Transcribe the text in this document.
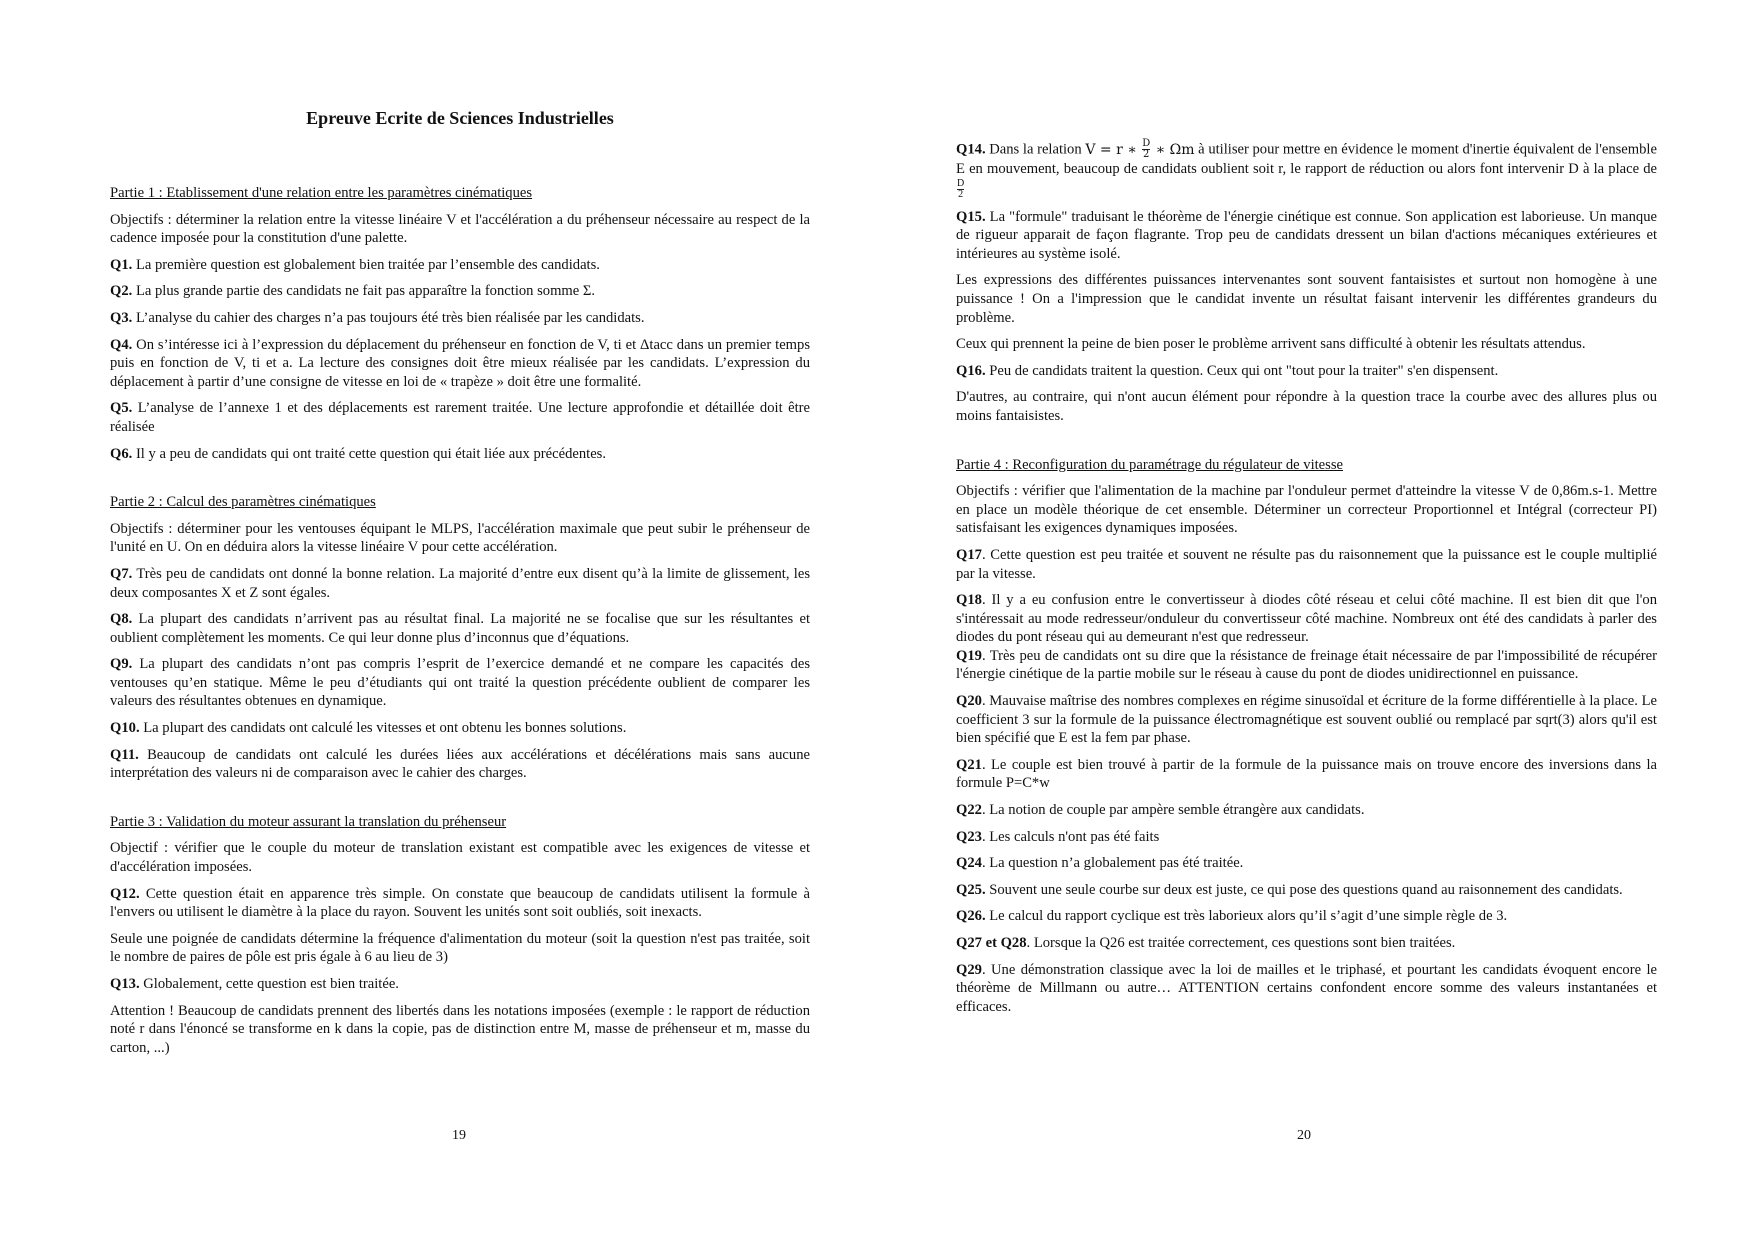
Epreuve Ecrite de Sciences Industrielles

Partie 1 : Etablissement d'une relation entre les paramètres cinématiques

Objectifs : déterminer la relation entre la vitesse linéaire V et l'accélération a du préhenseur nécessaire au respect de la cadence imposée pour la constitution d'une palette.

Q1. La première question est globalement bien traitée par l’ensemble des candidats.

Q2. La plus grande partie des candidats ne fait pas apparaître la fonction somme Σ.

Q3. L’analyse du cahier des charges n’a pas toujours été très bien réalisée par les candidats.

Q4. On s’intéresse ici à l’expression du déplacement du préhenseur en fonction de V, ti et Δtacc dans un premier temps puis en fonction de V, ti et a. La lecture des consignes doit être mieux réalisée par les candidats. L’expression du déplacement à partir d’une consigne de vitesse en loi de « trapèze » doit être une formalité.

Q5. L’analyse de l’annexe 1 et des déplacements est rarement traitée. Une lecture approfondie et détaillée doit être réalisée

Q6. Il y a peu de candidats qui ont traité cette question qui était liée aux précédentes.

Partie 2 : Calcul des paramètres cinématiques

Objectifs : déterminer pour les ventouses équipant le MLPS, l'accélération maximale que peut subir le préhenseur de l'unité en U. On en déduira alors la vitesse linéaire V pour cette accélération.

Q7. Très peu de candidats ont donné la bonne relation. La majorité d’entre eux disent qu’à la limite de glissement, les deux composantes X et Z sont égales.

Q8. La plupart des candidats n’arrivent pas au résultat final. La majorité ne se focalise que sur les résultantes et oublient complètement les moments. Ce qui leur donne plus d’inconnus que d’équations.

Q9. La plupart des candidats n’ont pas compris l’esprit de l’exercice demandé et ne compare les capacités des ventouses qu’en statique. Même le peu d’étudiants qui ont traité la question précédente oublient de comparer les valeurs des résultantes obtenues en dynamique.

Q10. La plupart des candidats ont calculé les vitesses et ont obtenu les bonnes solutions.

Q11. Beaucoup de candidats ont calculé les durées liées aux accélérations et décélérations mais sans aucune interprétation des valeurs ni de comparaison avec le cahier des charges.

Partie 3 : Validation du moteur assurant la translation du préhenseur

Objectif : vérifier que le couple du moteur de translation existant est compatible avec les exigences de vitesse et d'accélération imposées.

Q12. Cette question était en apparence très simple. On constate que beaucoup de candidats utilisent la formule à l'envers ou utilisent le diamètre à la place du rayon. Souvent les unités sont soit oubliés, soit inexacts.

Seule une poignée de candidats détermine la fréquence d'alimentation du moteur (soit la question n'est pas traitée, soit le nombre de paires de pôle est pris égale à 6 au lieu de 3)

Q13. Globalement, cette question est bien traitée.

Attention ! Beaucoup de candidats prennent des libertés dans les notations imposées (exemple : le rapport de réduction noté r dans l'énoncé se transforme en k dans la copie, pas de distinction entre M, masse de préhenseur et m, masse du carton, ...)

19

Q14. Dans la relation V = r ∗ $\frac{D}{2}$ ∗ Ωm à utiliser pour mettre en évidence le moment d'inertie équivalent de l'ensemble E en mouvement, beaucoup de candidats oublient soit r, le rapport de réduction ou alors font intervenir D à la place de
$\frac{D}{2}$

Q15. La "formule" traduisant le théorème de l'énergie cinétique est connue. Son application est laborieuse. Un manque de rigueur apparait de façon flagrante. Trop peu de candidats dressent un bilan d'actions mécaniques extérieures et intérieures au système isolé.

Les expressions des différentes puissances intervenantes sont souvent fantaisistes et surtout non homogène à une puissance ! On a l'impression que le candidat invente un résultat faisant intervenir les différentes grandeurs du problème.

Ceux qui prennent la peine de bien poser le problème arrivent sans difficulté à obtenir les résultats attendus.

Q16. Peu de candidats traitent la question. Ceux qui ont "tout pour la traiter" s'en dispensent.

D'autres, au contraire, qui n'ont aucun élément pour répondre à la question trace la courbe avec des allures plus ou moins fantaisistes.

Partie 4 : Reconfiguration du paramétrage du régulateur de vitesse

Objectifs : vérifier que l'alimentation de la machine par l'onduleur permet d'atteindre la vitesse V de 0,86m.s-1. Mettre en place un modèle théorique de cet ensemble. Déterminer un correcteur Proportionnel et Intégral (correcteur PI) satisfaisant les exigences dynamiques imposées.

Q17. Cette question est peu traitée et souvent ne résulte pas du raisonnement que la puissance est le couple multiplié par la vitesse.

Q18. Il y a eu confusion entre le convertisseur à diodes côté réseau et celui côté machine. Il est bien dit que l'on s'intéressait au mode redresseur/onduleur du convertisseur côté machine. Nombreux ont été des candidats à parler des diodes du pont réseau qui au demeurant n'est que redresseur.

Q19. Très peu de candidats ont su dire que la résistance de freinage était nécessaire de par l'impossibilité de récupérer l'énergie cinétique de la partie mobile sur le réseau à cause du pont de diodes unidirectionnel en puissance.

Q20. Mauvaise maîtrise des nombres complexes en régime sinusoïdal et écriture de la forme différentielle à la place. Le coefficient 3 sur la formule de la puissance électromagnétique est souvent oublié ou remplacé par sqrt(3) alors qu'il est bien spécifié que E est la fem par phase.

Q21. Le couple est bien trouvé à partir de la formule de la puissance mais on trouve encore des inversions dans la formule P=C*w

Q22. La notion de couple par ampère semble étrangère aux candidats.

Q23. Les calculs n'ont pas été faits

Q24. La question n’a globalement pas été traitée.

Q25. Souvent une seule courbe sur deux est juste, ce qui pose des questions quand au raisonnement des candidats.

Q26. Le calcul du rapport cyclique est très laborieux alors qu’il s’agit d’une simple règle de 3.

Q27 et Q28. Lorsque la Q26 est traitée correctement, ces questions sont bien traitées.

Q29. Une démonstration classique avec la loi de mailles et le triphasé, et pourtant les candidats évoquent encore le théorème de Millmann ou autre… ATTENTION certains confondent encore somme des valeurs instantanées et efficaces.

20
